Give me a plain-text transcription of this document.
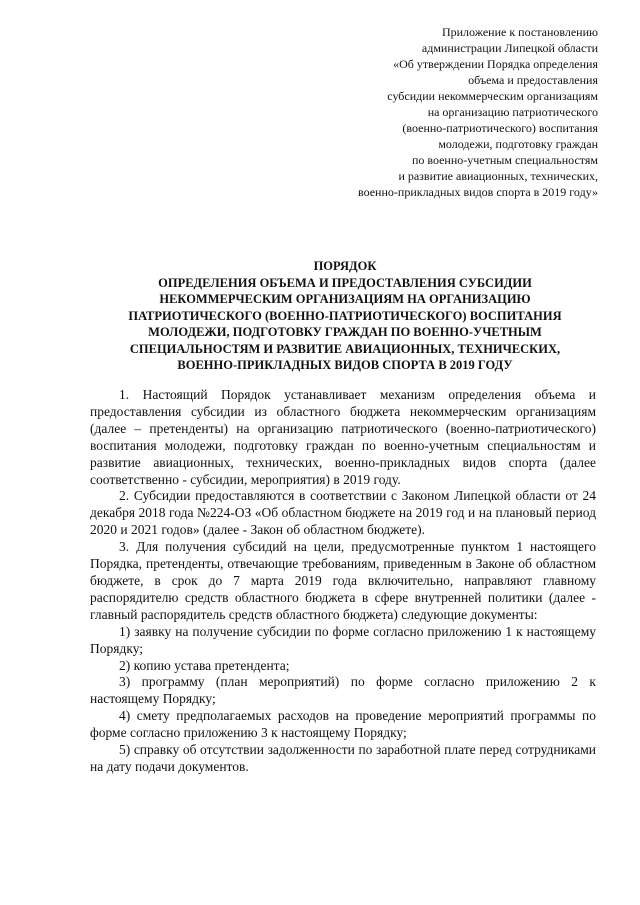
Приложение к постановлению
администрации Липецкой области
«Об утверждении Порядка определения
объема и предоставления
субсидии некоммерческим организациям
на организацию патриотического
(военно-патриотического) воспитания
молодежи, подготовку граждан
по военно-учетным специальностям
и развитие авиационных, технических,
военно-прикладных видов спорта в 2019 году»
ПОРЯДОК
ОПРЕДЕЛЕНИЯ ОБЪЕМА И ПРЕДОСТАВЛЕНИЯ СУБСИДИИ
НЕКОММЕРЧЕСКИМ ОРГАНИЗАЦИЯМ НА ОРГАНИЗАЦИЮ
ПАТРИОТИЧЕСКОГО (ВОЕННО-ПАТРИОТИЧЕСКОГО) ВОСПИТАНИЯ
МОЛОДЕЖИ, ПОДГОТОВКУ ГРАЖДАН ПО ВОЕННО-УЧЕТНЫМ
СПЕЦИАЛЬНОСТЯМ И РАЗВИТИЕ АВИАЦИОННЫХ, ТЕХНИЧЕСКИХ,
ВОЕННО-ПРИКЛАДНЫХ ВИДОВ СПОРТА В 2019 ГОДУ

1. Настоящий Порядок устанавливает механизм определения объема и предоставления субсидии из областного бюджета некоммерческим организациям (далее – претенденты) на организацию патриотического (военно-патриотического) воспитания молодежи, подготовку граждан по военно-учетным специальностям и развитие авиационных, технических, военно-прикладных видов спорта (далее соответственно - субсидии, мероприятия) в 2019 году.

2. Субсидии предоставляются в соответствии с Законом Липецкой области от 24 декабря 2018 года №224-ОЗ «Об областном бюджете на 2019 год и на плановый период 2020 и 2021 годов» (далее - Закон об областном бюджете).

3. Для получения субсидий на цели, предусмотренные пунктом 1 настоящего Порядка, претенденты, отвечающие требованиям, приведенным в Законе об областном бюджете, в срок до 7 марта 2019 года включительно, направляют главному распорядителю средств областного бюджета в сфере внутренней политики (далее - главный распорядитель средств областного бюджета) следующие документы:

1) заявку на получение субсидии по форме согласно приложению 1 к настоящему Порядку;

2) копию устава претендента;

3) программу (план мероприятий) по форме согласно приложению 2 к настоящему Порядку;

4) смету предполагаемых расходов на проведение мероприятий программы по форме согласно приложению 3 к настоящему Порядку;

5) справку об отсутствии задолженности по заработной плате перед сотрудниками на дату подачи документов.
